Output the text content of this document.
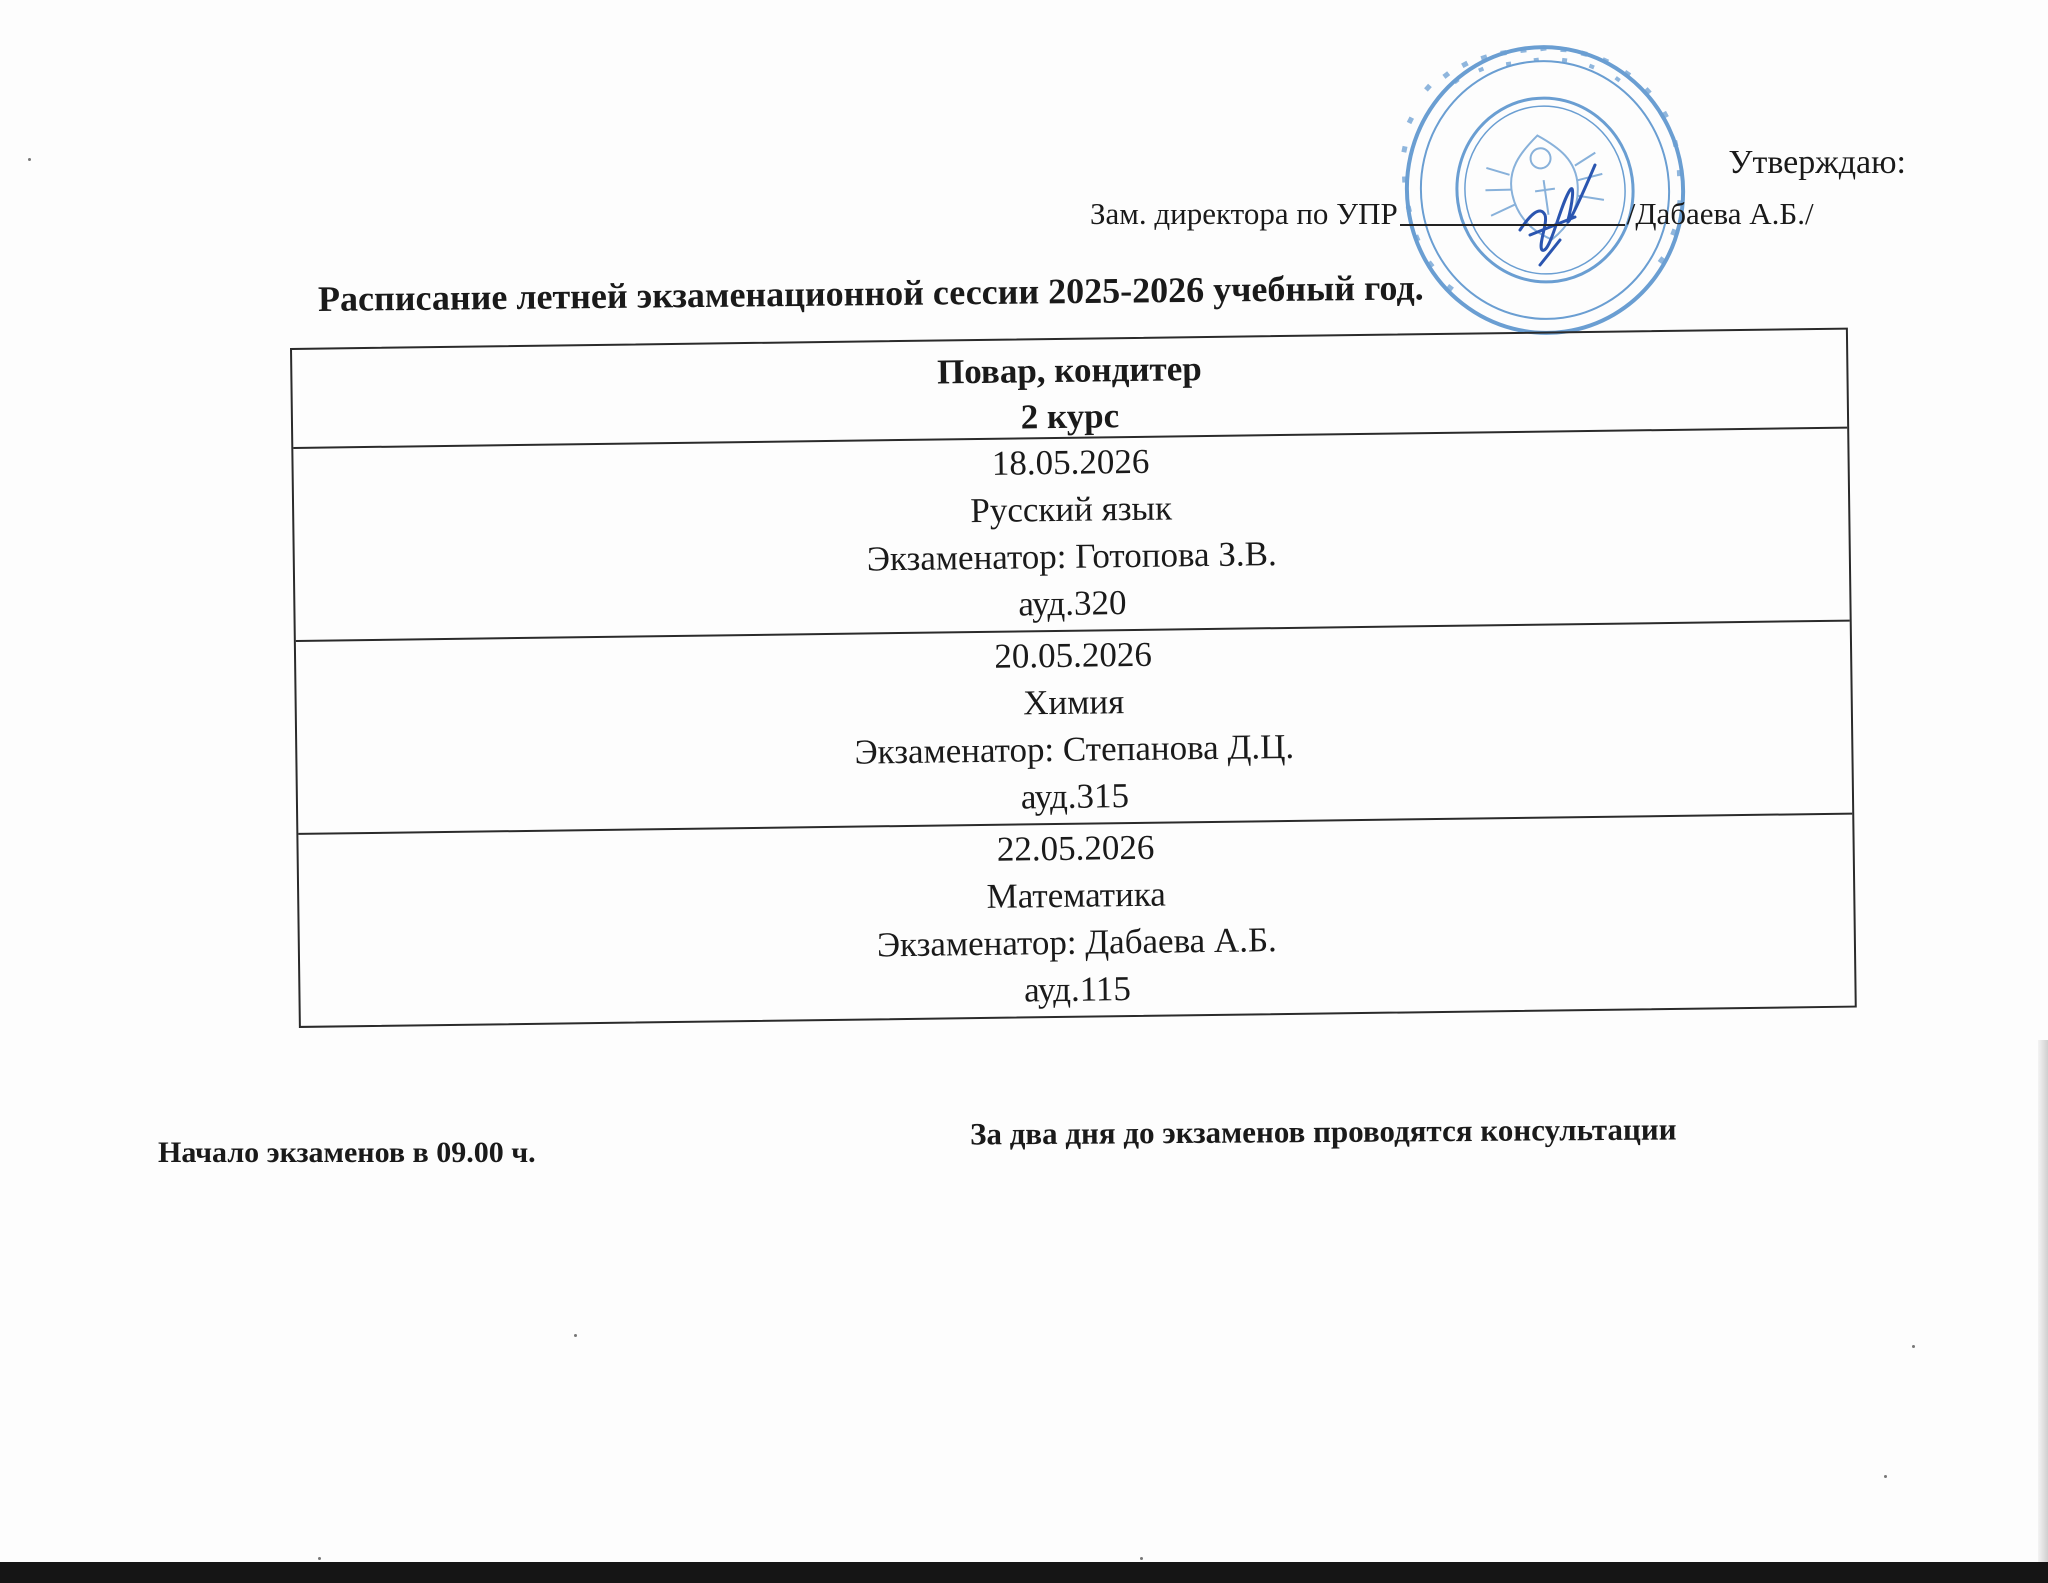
Утверждаю:
Зам. директора по УПР	/Дабаева А.Б./
Расписание летней экзаменационной сессии 2025-2026 учебный год.
Повар, кондитер
2 курс
18.05.2026
Русский язык
Экзаменатор: Готопова З.В.
ауд.320
20.05.2026
Химия
Экзаменатор: Степанова Д.Ц.
ауд.315
22.05.2026
Математика
Экзаменатор: Дабаева А.Б.
ауд.115
Начало экзаменов в 09.00 ч.
За два дня до экзаменов проводятся консультации
